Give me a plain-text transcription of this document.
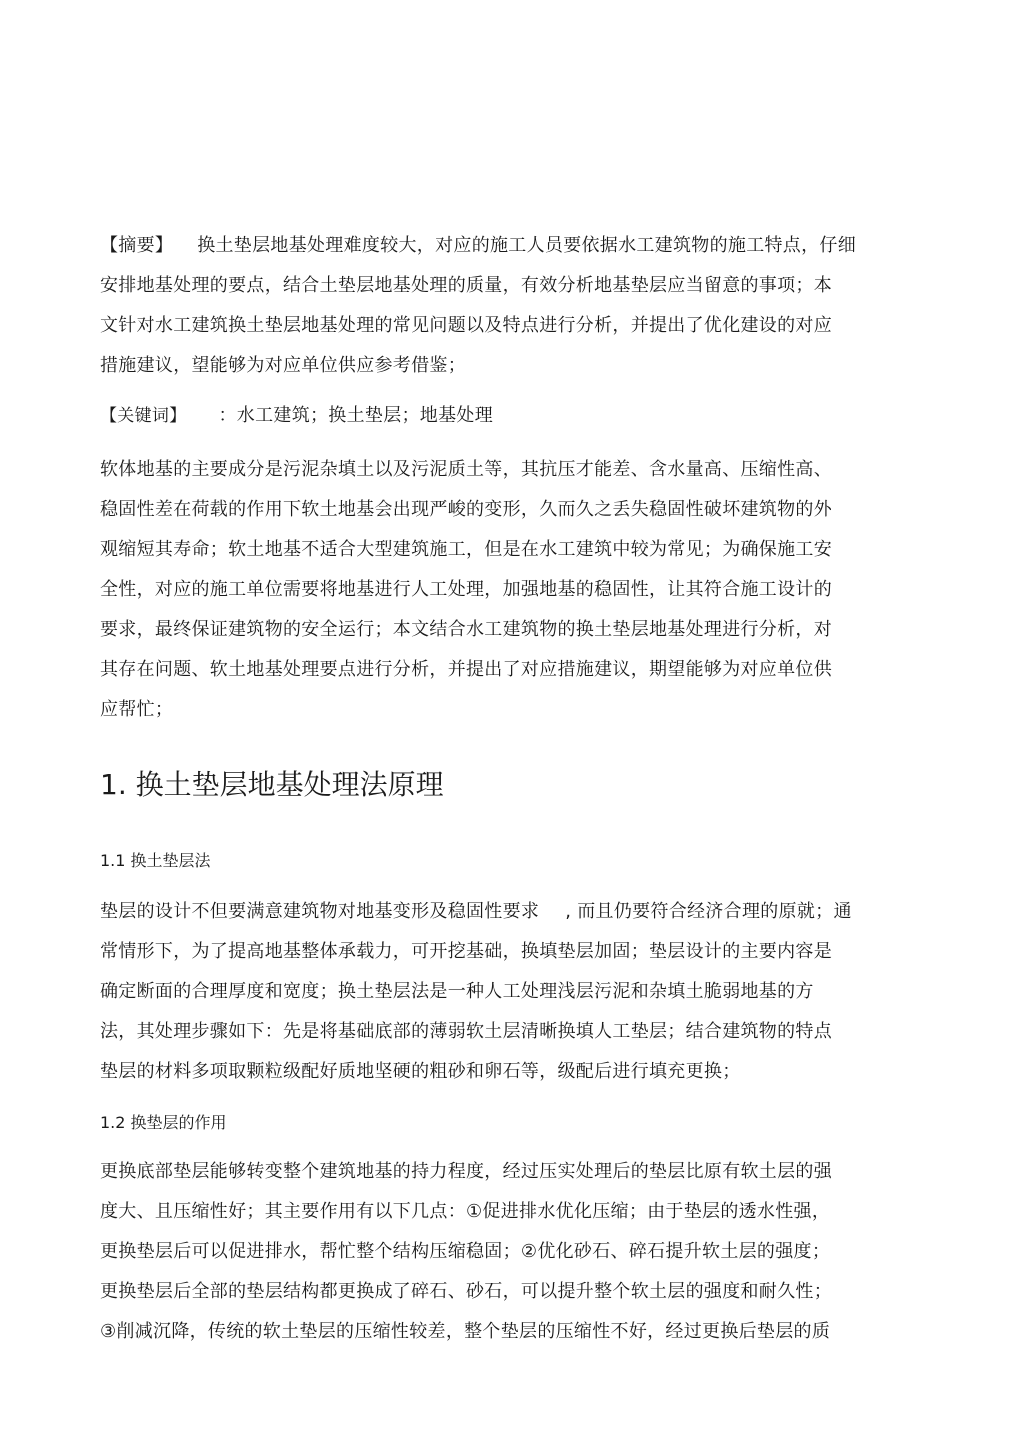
【摘要】 换土垫层地基处理难度较大，对应的施工人员要依据水工建筑物的施工特点，仔细
安排地基处理的要点，结合土垫层地基处理的质量，有效分析地基垫层应当留意的事项；本
文针对水工建筑换土垫层地基处理的常见问题以及特点进行分析，并提出了优化建设的对应
措施建议，望能够为对应单位供应参考借鉴；
【关键词】 ：水工建筑；换土垫层；地基处理
软体地基的主要成分是污泥杂填土以及污泥质土等，其抗压才能差、含水量高、压缩性高、
稳固性差在荷载的作用下软土地基会出现严峻的变形，久而久之丢失稳固性破坏建筑物的外
观缩短其寿命；软土地基不适合大型建筑施工，但是在水工建筑中较为常见；为确保施工安
全性，对应的施工单位需要将地基进行人工处理，加强地基的稳固性，让其符合施工设计的
要求，最终保证建筑物的安全运行；本文结合水工建筑物的换土垫层地基处理进行分析，对
其存在问题、软土地基处理要点进行分析，并提出了对应措施建议，期望能够为对应单位供
应帮忙；
1. 换土垫层地基处理法原理
1.1 换土垫层法
垫层的设计不但要满意建筑物对地基变形及稳固性要求 , 而且仍要符合经济合理的原就；通
常情形下，为了提高地基整体承载力，可开挖基础，换填垫层加固；垫层设计的主要内容是
确定断面的合理厚度和宽度；换土垫层法是一种人工处理浅层污泥和杂填土脆弱地基的方
法，其处理步骤如下：先是将基础底部的薄弱软土层清晰换填人工垫层；结合建筑物的特点
垫层的材料多项取颗粒级配好质地坚硬的粗砂和卵石等，级配后进行填充更换；
1.2 换垫层的作用
更换底部垫层能够转变整个建筑地基的持力程度，经过压实处理后的垫层比原有软土层的强
度大、且压缩性好；其主要作用有以下几点：①促进排水优化压缩；由于垫层的透水性强，
更换垫层后可以促进排水，帮忙整个结构压缩稳固；②优化砂石、碎石提升软土层的强度；
更换垫层后全部的垫层结构都更换成了碎石、砂石，可以提升整个软土层的强度和耐久性；
③削减沉降，传统的软土垫层的压缩性较差，整个垫层的压缩性不好，经过更换后垫层的质
